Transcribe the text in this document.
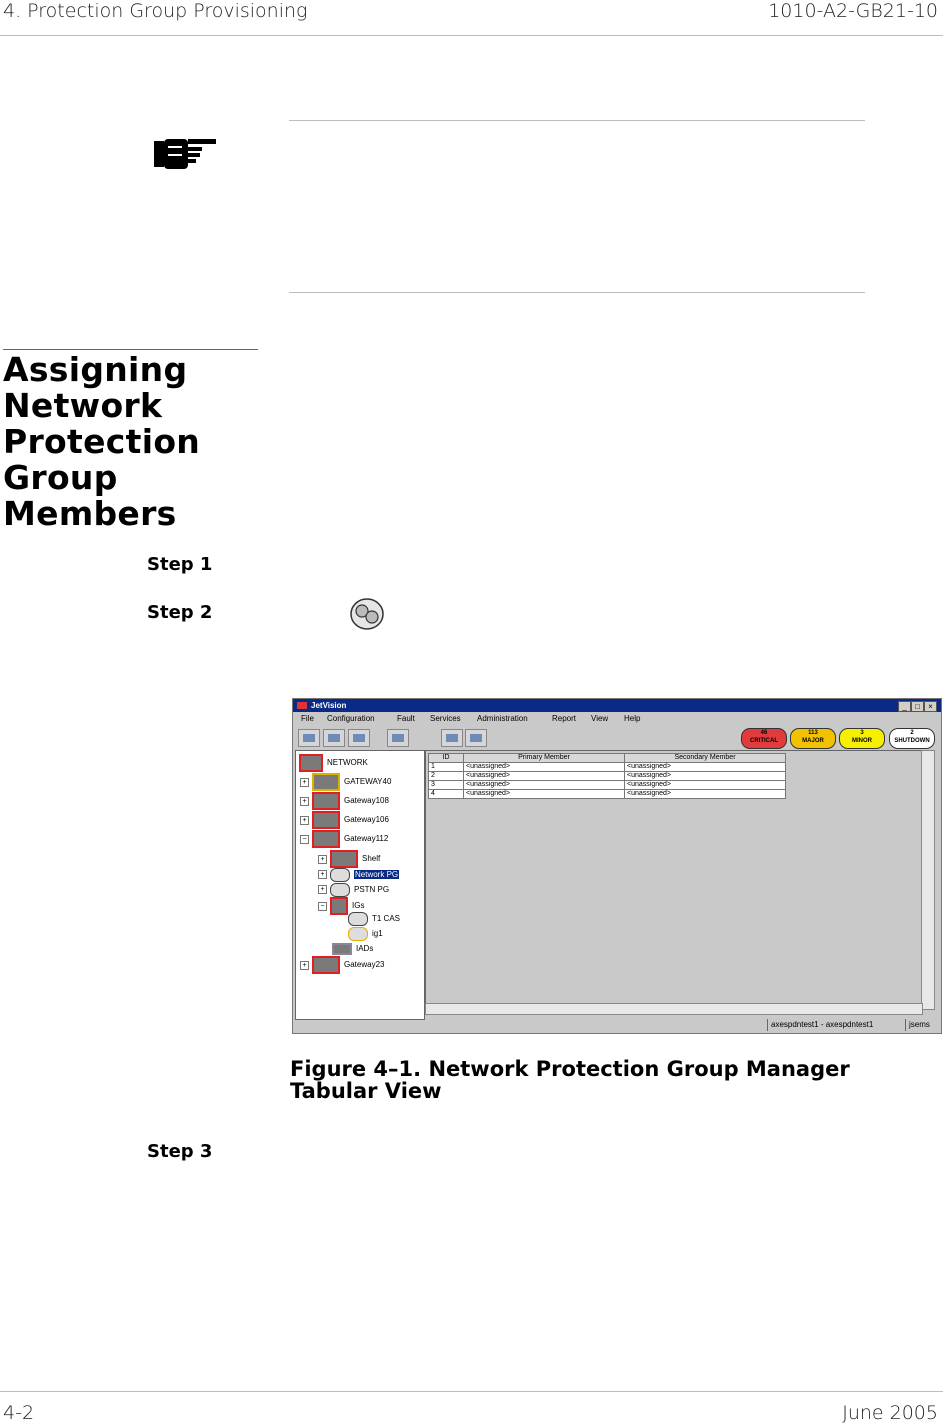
4. Protection Group Provisioning	1010-A2-GB21-10
Assigning Network Protection Group Members
Step 1
Step 2
JetVision	_	□	×
File Configuration	Fault Services Administration	Report View Help
46
CRITICAL
113
MAJOR
3
MINOR
2
SHUTDOWN
NETWORK
+	GATEWAY40
+	Gateway108
+	Gateway106
−	Gateway112
+	Shelf
+	Network PG
+	PSTN PG
−	IGs
T1 CAS
ig1
IADs
+	Gateway23
ID	Primary Member	Secondary Member
1	<unassigned>	<unassigned>
2	<unassigned>	<unassigned>
3	<unassigned>	<unassigned>
4	<unassigned>	<unassigned>
axespdntest1 - axespdntest1	jsems
Figure 4–1. Network Protection Group Manager Tabular View
Step 3
4-2	June 2005
